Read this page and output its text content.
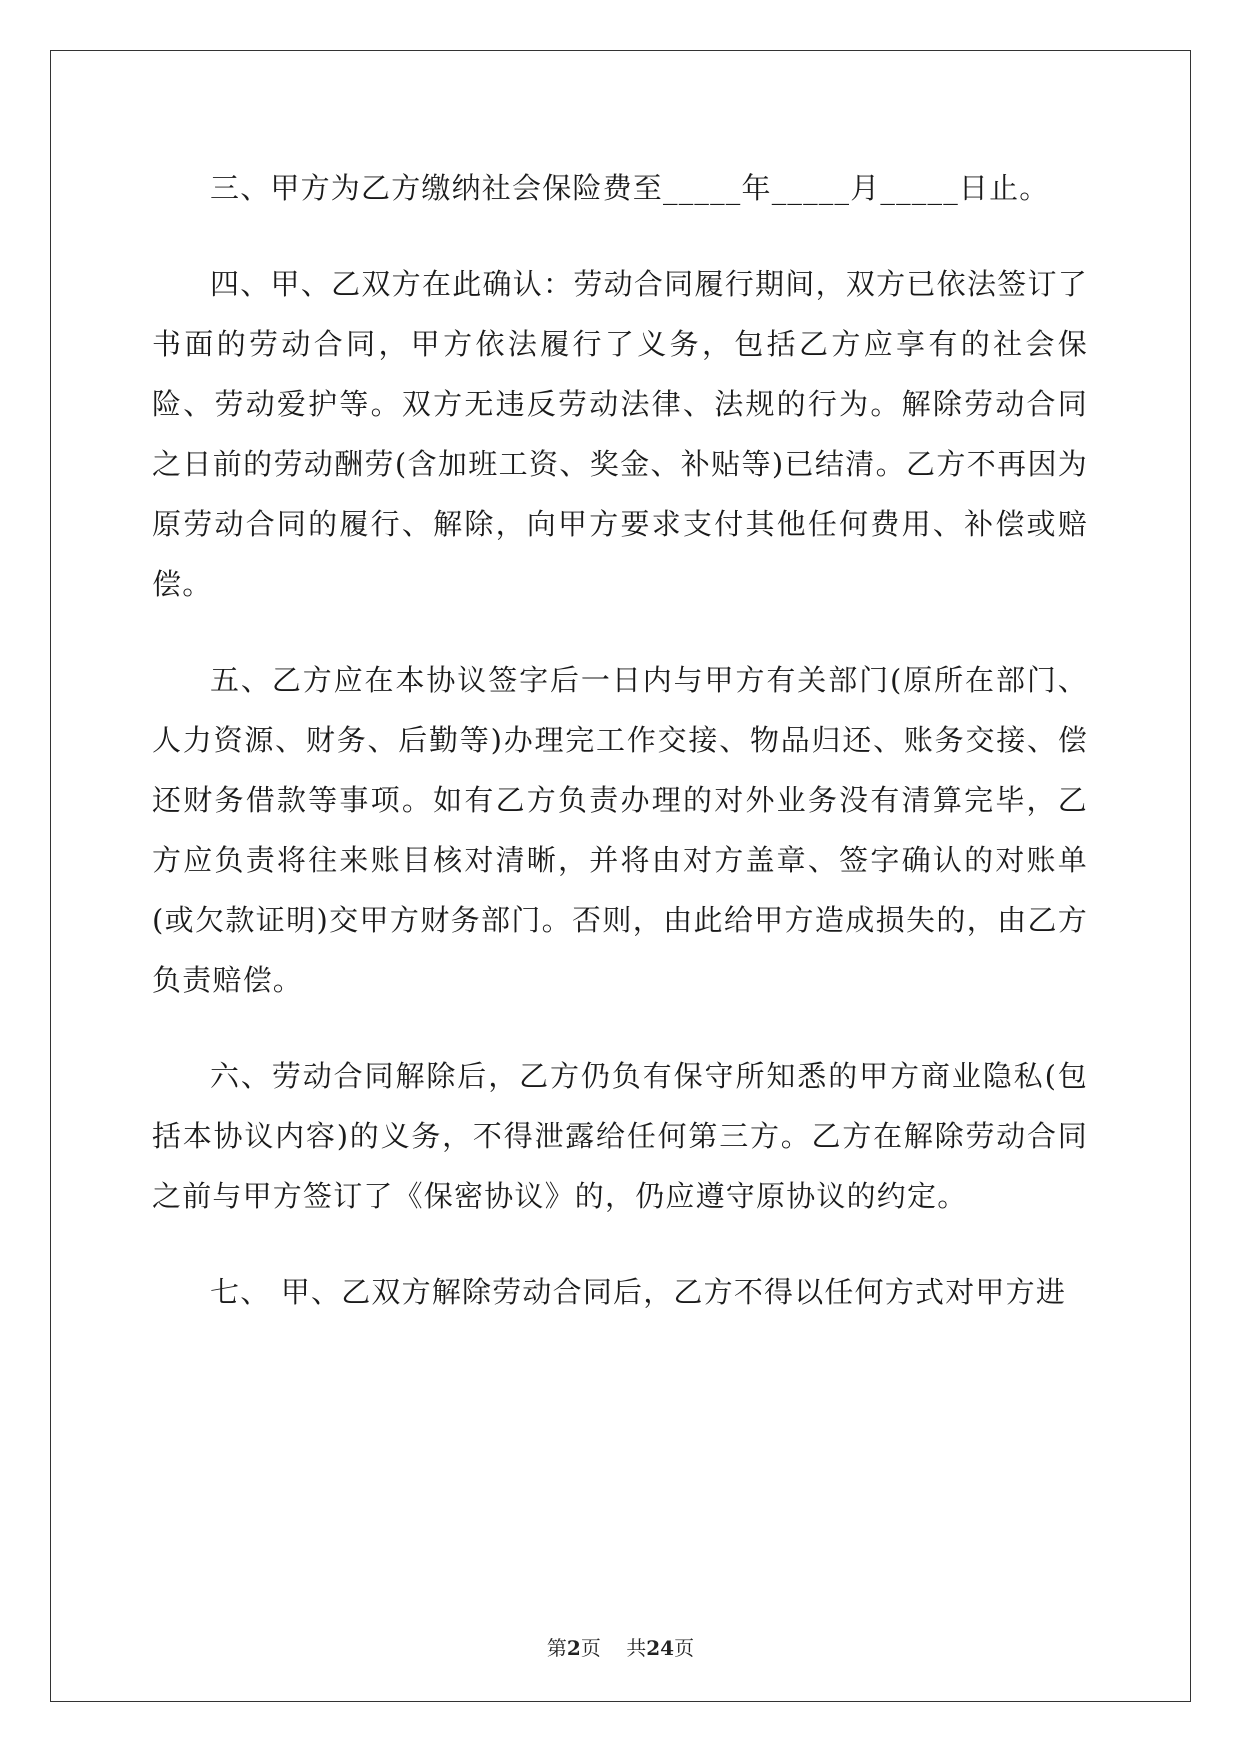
三、甲方为乙方缴纳社会保险费至_____年_____月_____日止。

四、甲、乙双方在此确认：劳动合同履行期间，双方已依法签订了书面的劳动合同，甲方依法履行了义务，包括乙方应享有的社会保险、劳动爱护等。双方无违反劳动法律、法规的行为。解除劳动合同之日前的劳动酬劳(含加班工资、奖金、补贴等)已结清。乙方不再因为原劳动合同的履行、解除，向甲方要求支付其他任何费用、补偿或赔偿。

五、乙方应在本协议签字后一日内与甲方有关部门(原所在部门、人力资源、财务、后勤等)办理完工作交接、物品归还、账务交接、偿还财务借款等事项。如有乙方负责办理的对外业务没有清算完毕，乙方应负责将往来账目核对清晰，并将由对方盖章、签字确认的对账单(或欠款证明)交甲方财务部门。否则，由此给甲方造成损失的，由乙方负责赔偿。

六、劳动合同解除后，乙方仍负有保守所知悉的甲方商业隐私(包括本协议内容)的义务，不得泄露给任何第三方。乙方在解除劳动合同之前与甲方签订了《保密协议》的，仍应遵守原协议的约定。

七、 甲、乙双方解除劳动合同后，乙方不得以任何方式对甲方进

第2页 共24页
